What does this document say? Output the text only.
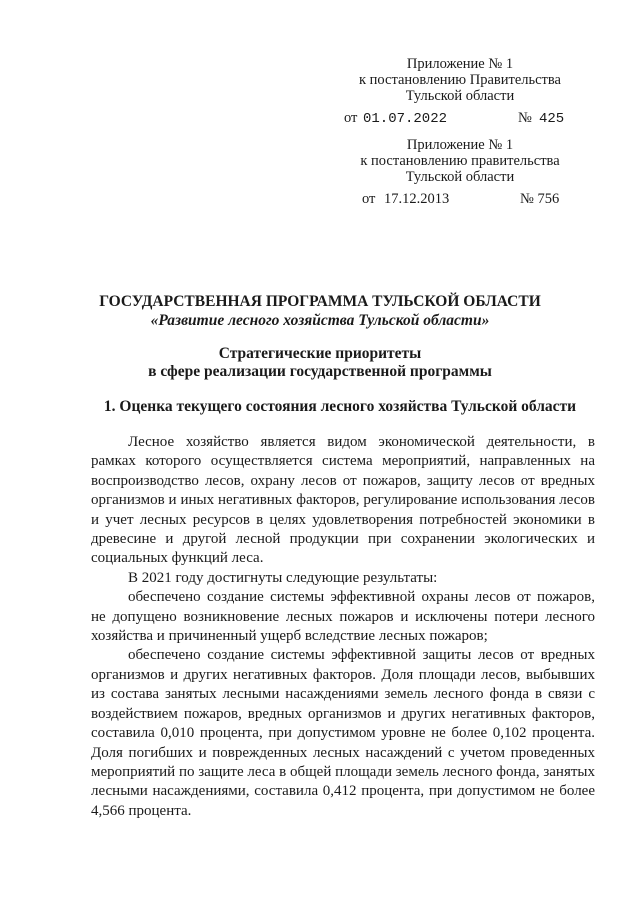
Приложение № 1
к постановлению Правительства
Тульской области
от 01.07.2022	№ 425
Приложение № 1
к постановлению правительства
Тульской области
от 17.12.2013	№ 756
ГОСУДАРСТВЕННАЯ ПРОГРАММА ТУЛЬСКОЙ ОБЛАСТИ
«Развитие лесного хозяйства Тульской области»
Стратегические приоритеты
в сфере реализации государственной программы
1. Оценка текущего состояния лесного хозяйства Тульской области

Лесное хозяйство является видом экономической деятельности, в рамках которого осуществляется система мероприятий, направленных на воспроизводство лесов, охрану лесов от пожаров, защиту лесов от вредных организмов и иных негативных факторов, регулирование использования лесов и учет лесных ресурсов в целях удовлетворения потребностей экономики в древесине и другой лесной продукции при сохранении экологических и социальных функций леса.

В 2021 году достигнуты следующие результаты:

обеспечено создание системы эффективной охраны лесов от пожаров, не допущено возникновение лесных пожаров и исключены потери лесного хозяйства и причиненный ущерб вследствие лесных пожаров;

обеспечено создание системы эффективной защиты лесов от вредных организмов и других негативных факторов. Доля площади лесов, выбывших из состава занятых лесными насаждениями земель лесного фонда в связи с воздействием пожаров, вредных организмов и других негативных факторов, составила 0,010 процента, при допустимом уровне не более 0,102 процента. Доля погибших и поврежденных лесных насаждений с учетом проведенных мероприятий по защите леса в общей площади земель лесного фонда, занятых лесными насаждениями, составила 0,412 процента, при допустимом не более 4,566 процента.
